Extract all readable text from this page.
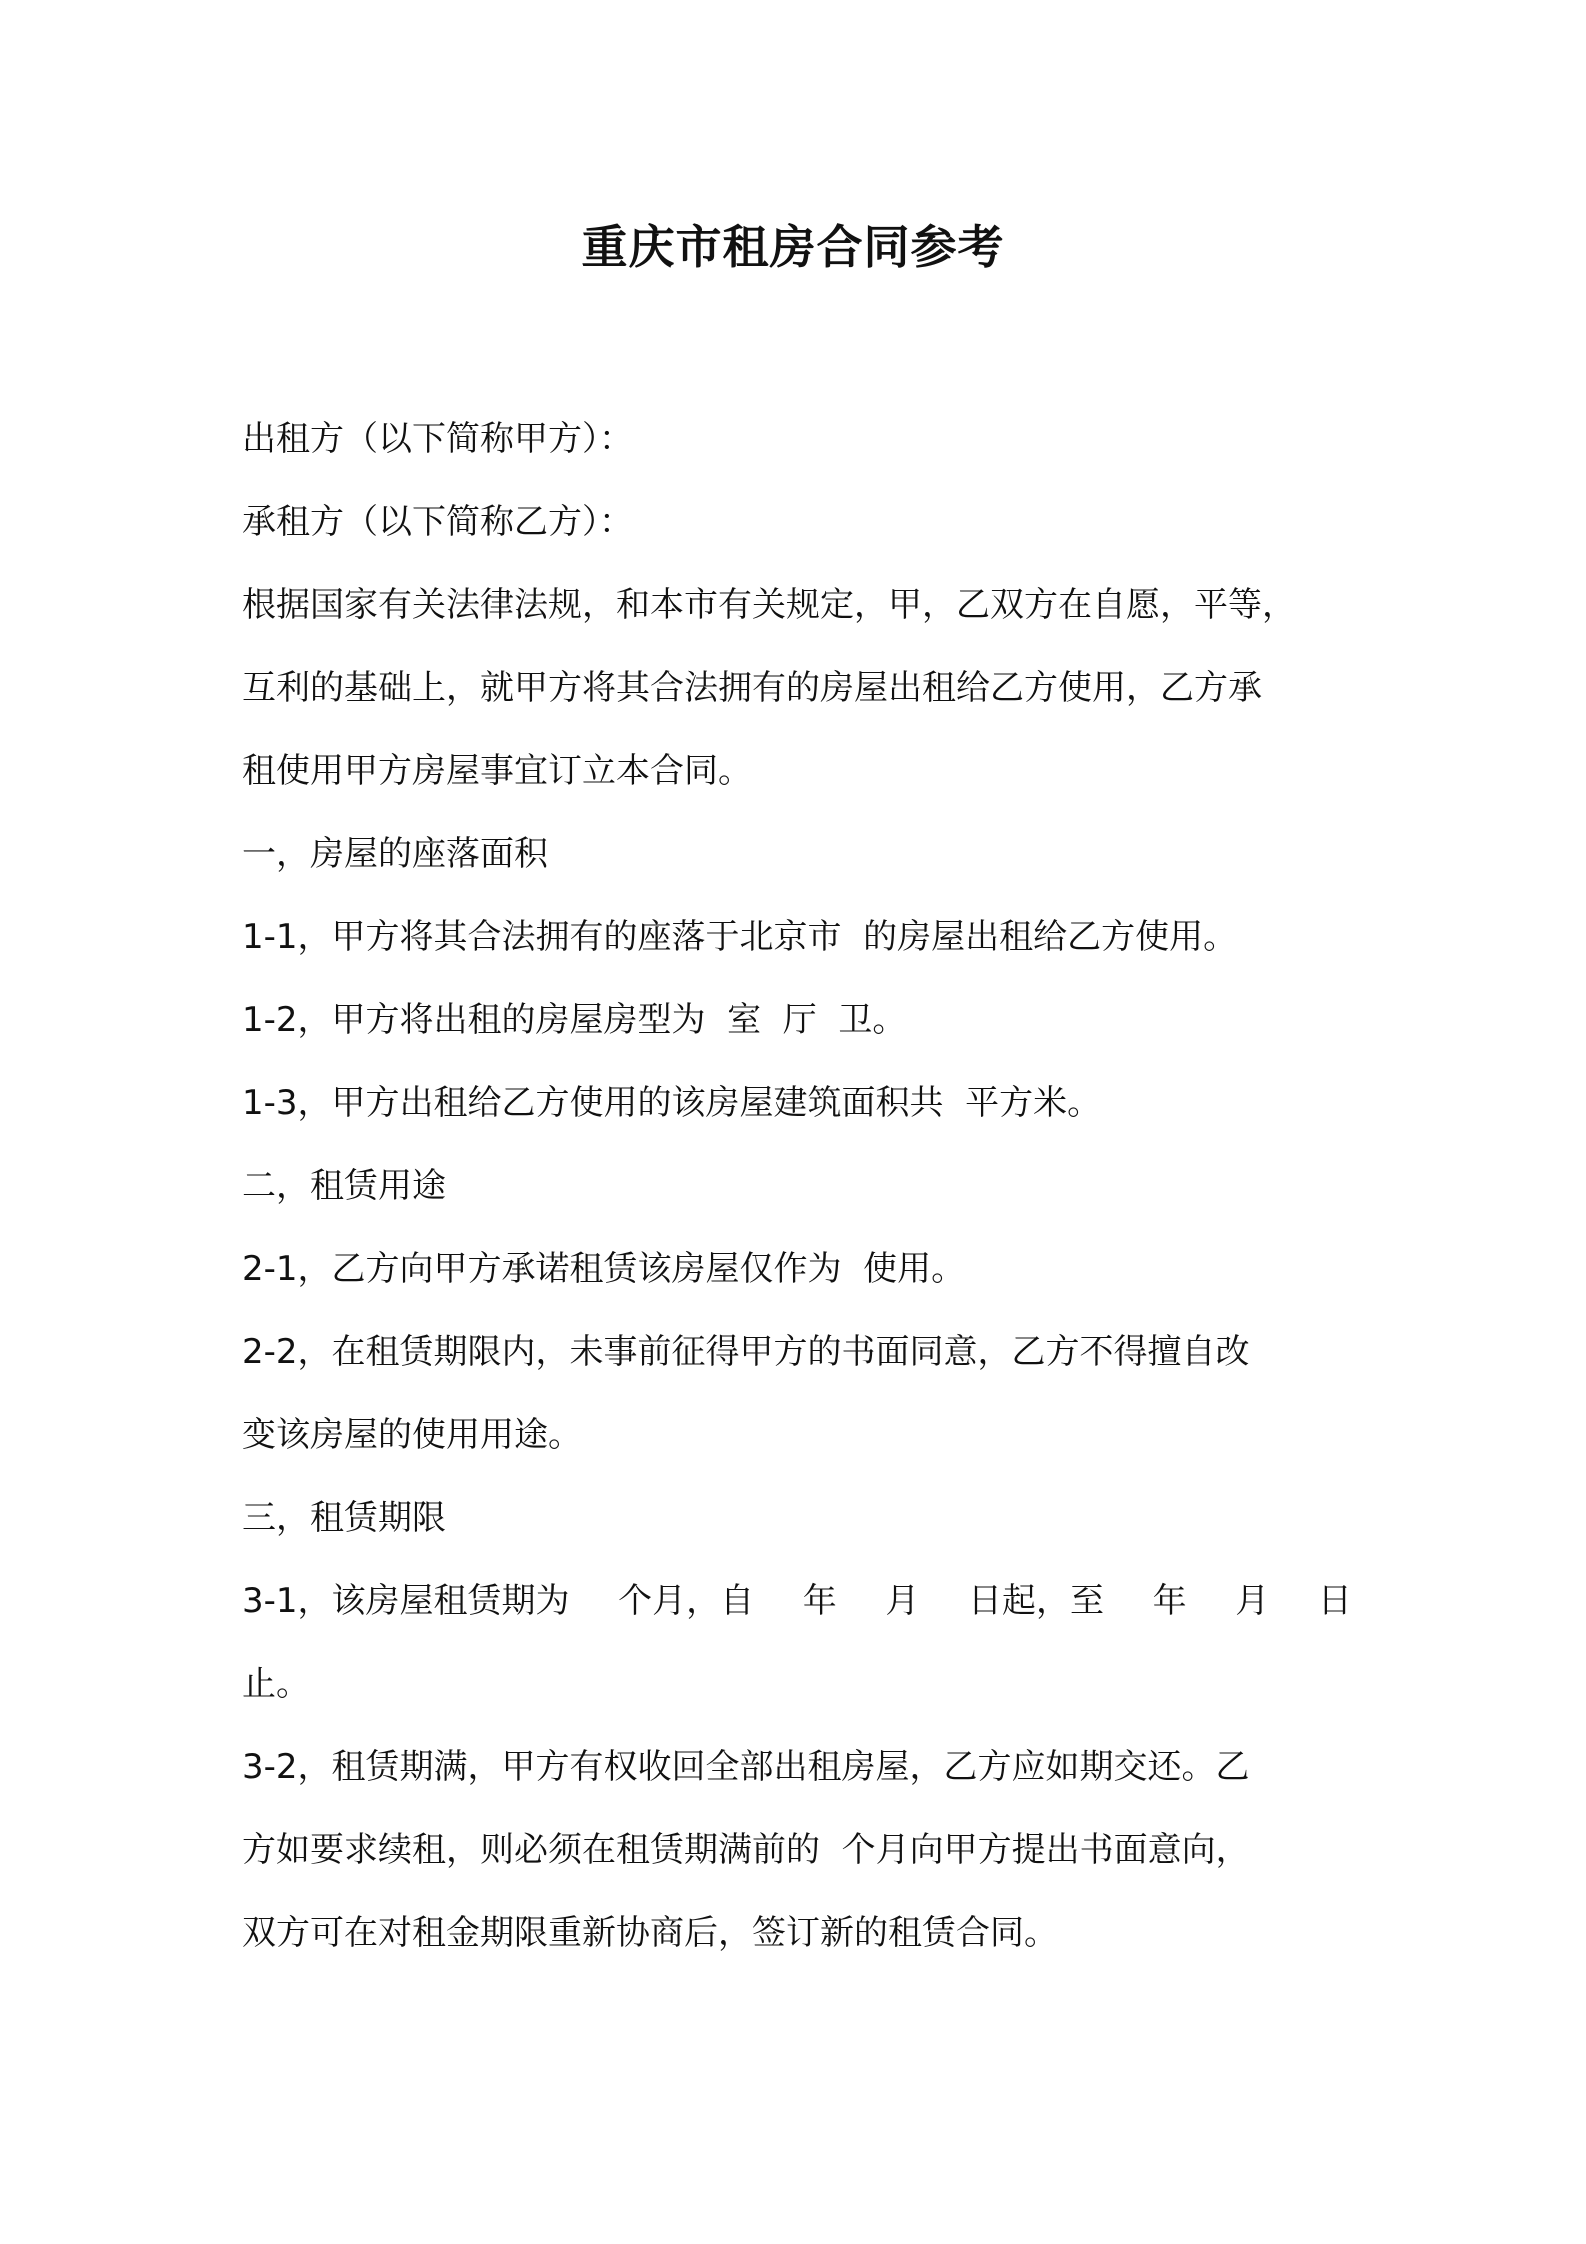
重庆市租房合同参考
出租方（以下简称甲方）：
承租方（以下简称乙方）：
根据国家有关法律法规，和本市有关规定，甲，乙双方在自愿，平等，
互利的基础上，就甲方将其合法拥有的房屋出租给乙方使用，乙方承
租使用甲方房屋事宜订立本合同。
一，房屋的座落面积
1-1，甲方将其合法拥有的座落于北京市  的房屋出租给乙方使用。
1-2，甲方将出租的房屋房型为  室  厅  卫。
1-3，甲方出租给乙方使用的该房屋建筑面积共  平方米。
二，租赁用途
2-1，乙方向甲方承诺租赁该房屋仅作为  使用。
2-2，在租赁期限内，未事前征得甲方的书面同意，乙方不得擅自改
变该房屋的使用用途。
三，租赁期限
3-1，该房屋租赁期为 个月，自 年 月 日起，至 年 月 日
止。
3-2，租赁期满，甲方有权收回全部出租房屋，乙方应如期交还。乙
方如要求续租，则必须在租赁期满前的  个月向甲方提出书面意向，
双方可在对租金期限重新协商后，签订新的租赁合同。
